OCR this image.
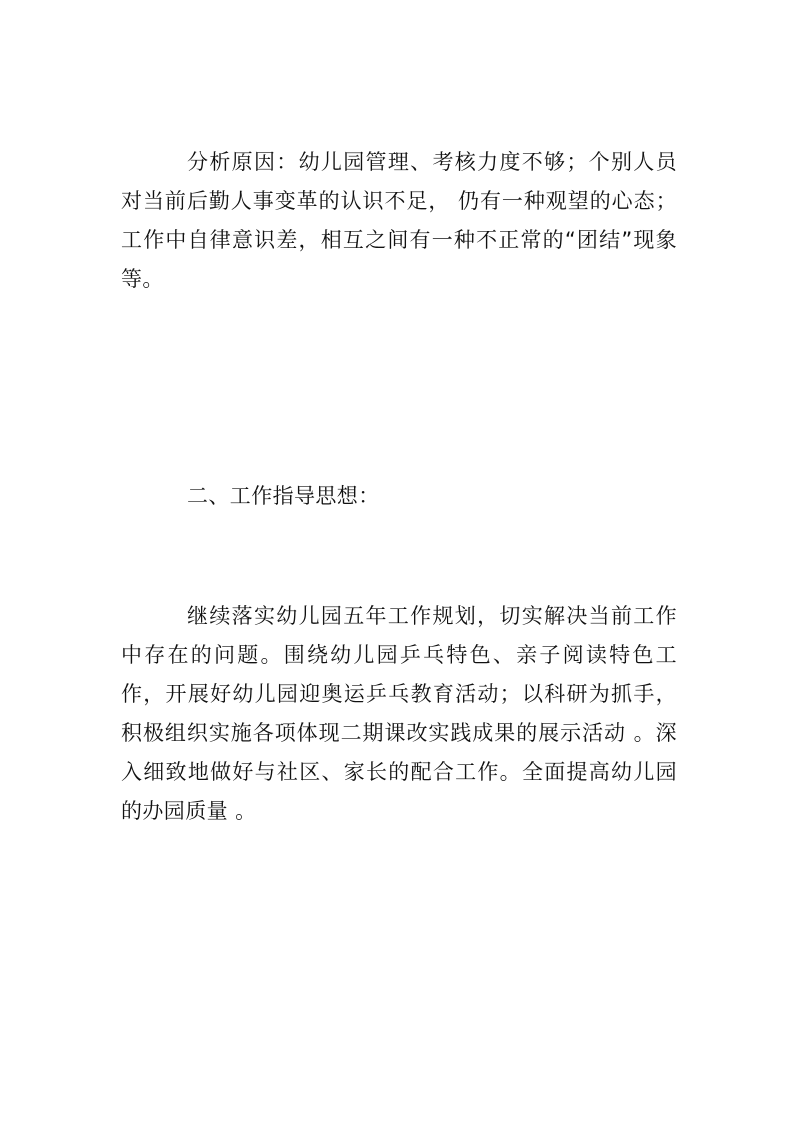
分析原因：幼儿园管理、考核力度不够；个别人员对当前后勤人事变革的认识不足， 仍有一种观望的心态；工作中自律意识差，相互之间有一种不正常的“团结”现象等。

二、工作指导思想：

继续落实幼儿园五年工作规划，切实解决当前工作中存在的问题。围绕幼儿园乒乓特色、亲子阅读特色工作，开展好幼儿园迎奥运乒乓教育活动；以科研为抓手，积极组织实施各项体现二期课改实践成果的展示活动 。深入细致地做好与社区、家长的配合工作。全面提高幼儿园的办园质量 。
